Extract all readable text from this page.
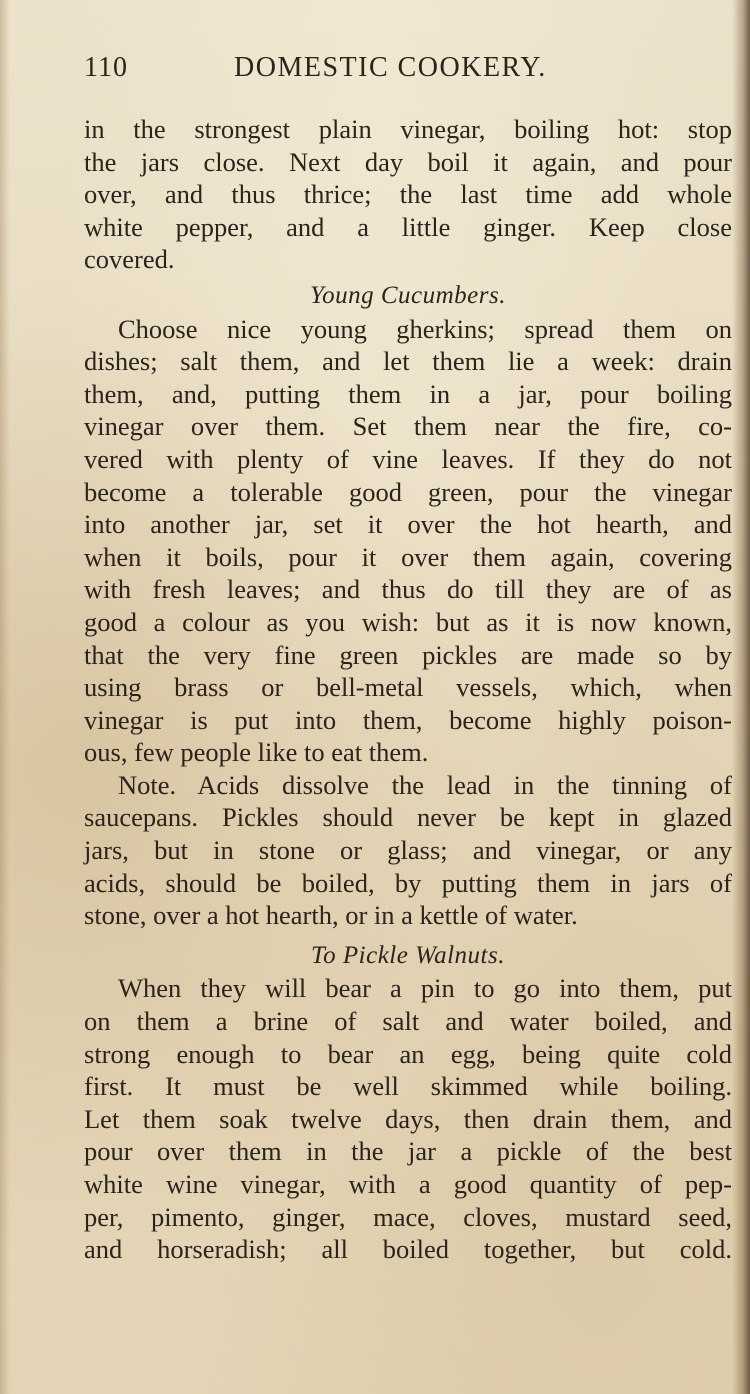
110	DOMESTIC COOKERY.
in the strongest plain vinegar, boiling hot: stop
the jars close. Next day boil it again, and pour
over, and thus thrice; the last time add whole
white pepper, and a little ginger. Keep close
covered.
Young Cucumbers.
Choose nice young gherkins; spread them on
dishes; salt them, and let them lie a week: drain
them, and, putting them in a jar, pour boiling
vinegar over them. Set them near the fire, co-
vered with plenty of vine leaves. If they do not
become a tolerable good green, pour the vinegar
into another jar, set it over the hot hearth, and
when it boils, pour it over them again, covering
with fresh leaves; and thus do till they are of as
good a colour as you wish: but as it is now known,
that the very fine green pickles are made so by
using brass or bell-metal vessels, which, when
vinegar is put into them, become highly poison-
ous, few people like to eat them.
Note. Acids dissolve the lead in the tinning of
saucepans. Pickles should never be kept in glazed
jars, but in stone or glass; and vinegar, or any
acids, should be boiled, by putting them in jars of
stone, over a hot hearth, or in a kettle of water.
To Pickle Walnuts.
When they will bear a pin to go into them, put
on them a brine of salt and water boiled, and
strong enough to bear an egg, being quite cold
first. It must be well skimmed while boiling.
Let them soak twelve days, then drain them, and
pour over them in the jar a pickle of the best
white wine vinegar, with a good quantity of pep-
per, pimento, ginger, mace, cloves, mustard seed,
and horseradish; all boiled together, but cold.
